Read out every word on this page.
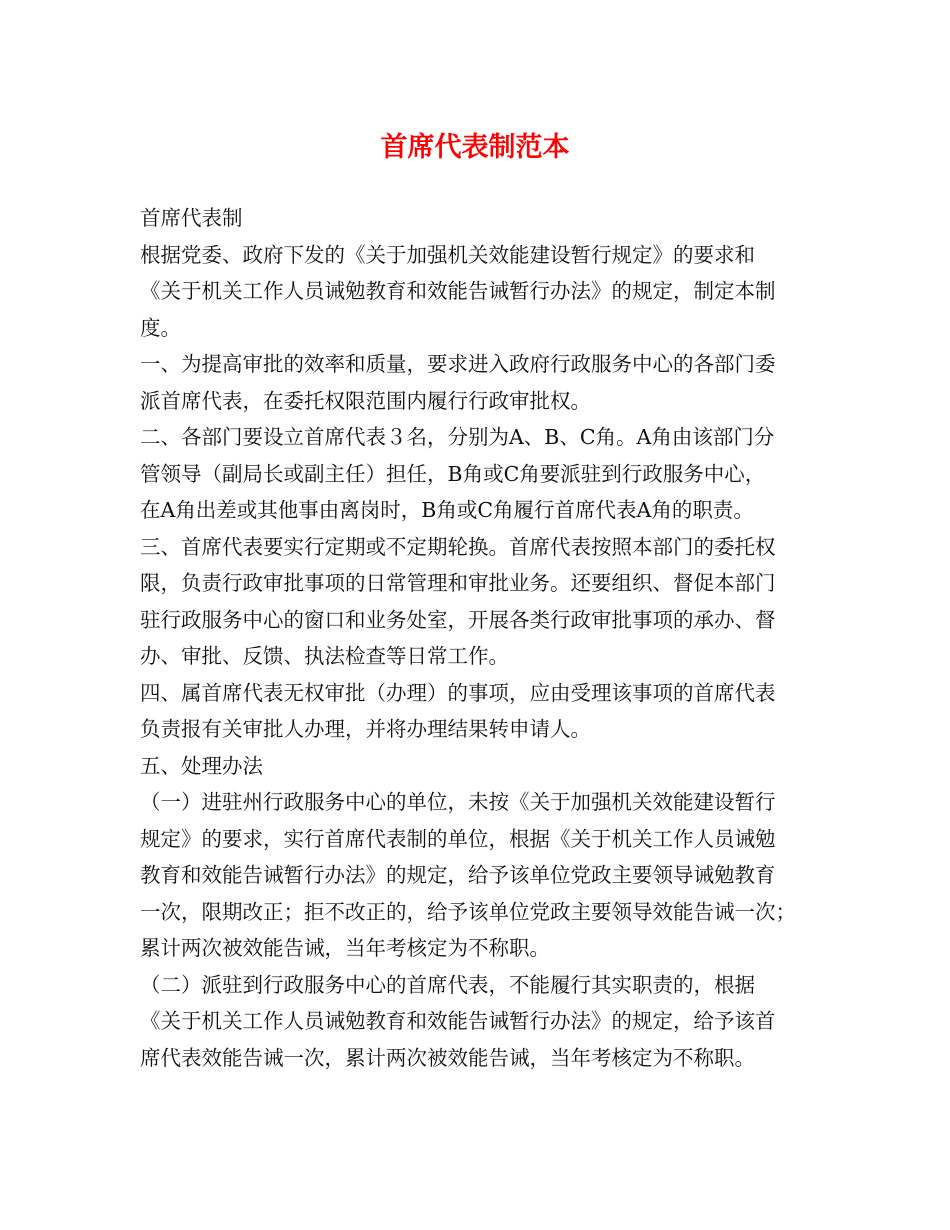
首席代表制范本
首席代表制
根据党委、政府下发的《关于加强机关效能建设暂行规定》的要求和
《关于机关工作人员诫勉教育和效能告诫暂行办法》的规定，制定本制
度。
一、为提高审批的效率和质量，要求进入政府行政服务中心的各部门委
派首席代表，在委托权限范围内履行行政审批权。
二、各部门要设立首席代表３名，分别为A、B、C角。A角由该部门分
管领导（副局长或副主任）担任，B角或C角要派驻到行政服务中心，
在A角出差或其他事由离岗时，B角或C角履行首席代表A角的职责。
三、首席代表要实行定期或不定期轮换。首席代表按照本部门的委托权
限，负责行政审批事项的日常管理和审批业务。还要组织、督促本部门
驻行政服务中心的窗口和业务处室，开展各类行政审批事项的承办、督
办、审批、反馈、执法检查等日常工作。
四、属首席代表无权审批（办理）的事项，应由受理该事项的首席代表
负责报有关审批人办理，并将办理结果转申请人。
五、处理办法
（一）进驻州行政服务中心的单位，未按《关于加强机关效能建设暂行
规定》的要求，实行首席代表制的单位，根据《关于机关工作人员诫勉
教育和效能告诫暂行办法》的规定，给予该单位党政主要领导诫勉教育
一次，限期改正；拒不改正的，给予该单位党政主要领导效能告诫一次；
累计两次被效能告诫，当年考核定为不称职。
（二）派驻到行政服务中心的首席代表，不能履行其实职责的，根据
《关于机关工作人员诫勉教育和效能告诫暂行办法》的规定，给予该首
席代表效能告诫一次，累计两次被效能告诫，当年考核定为不称职。
